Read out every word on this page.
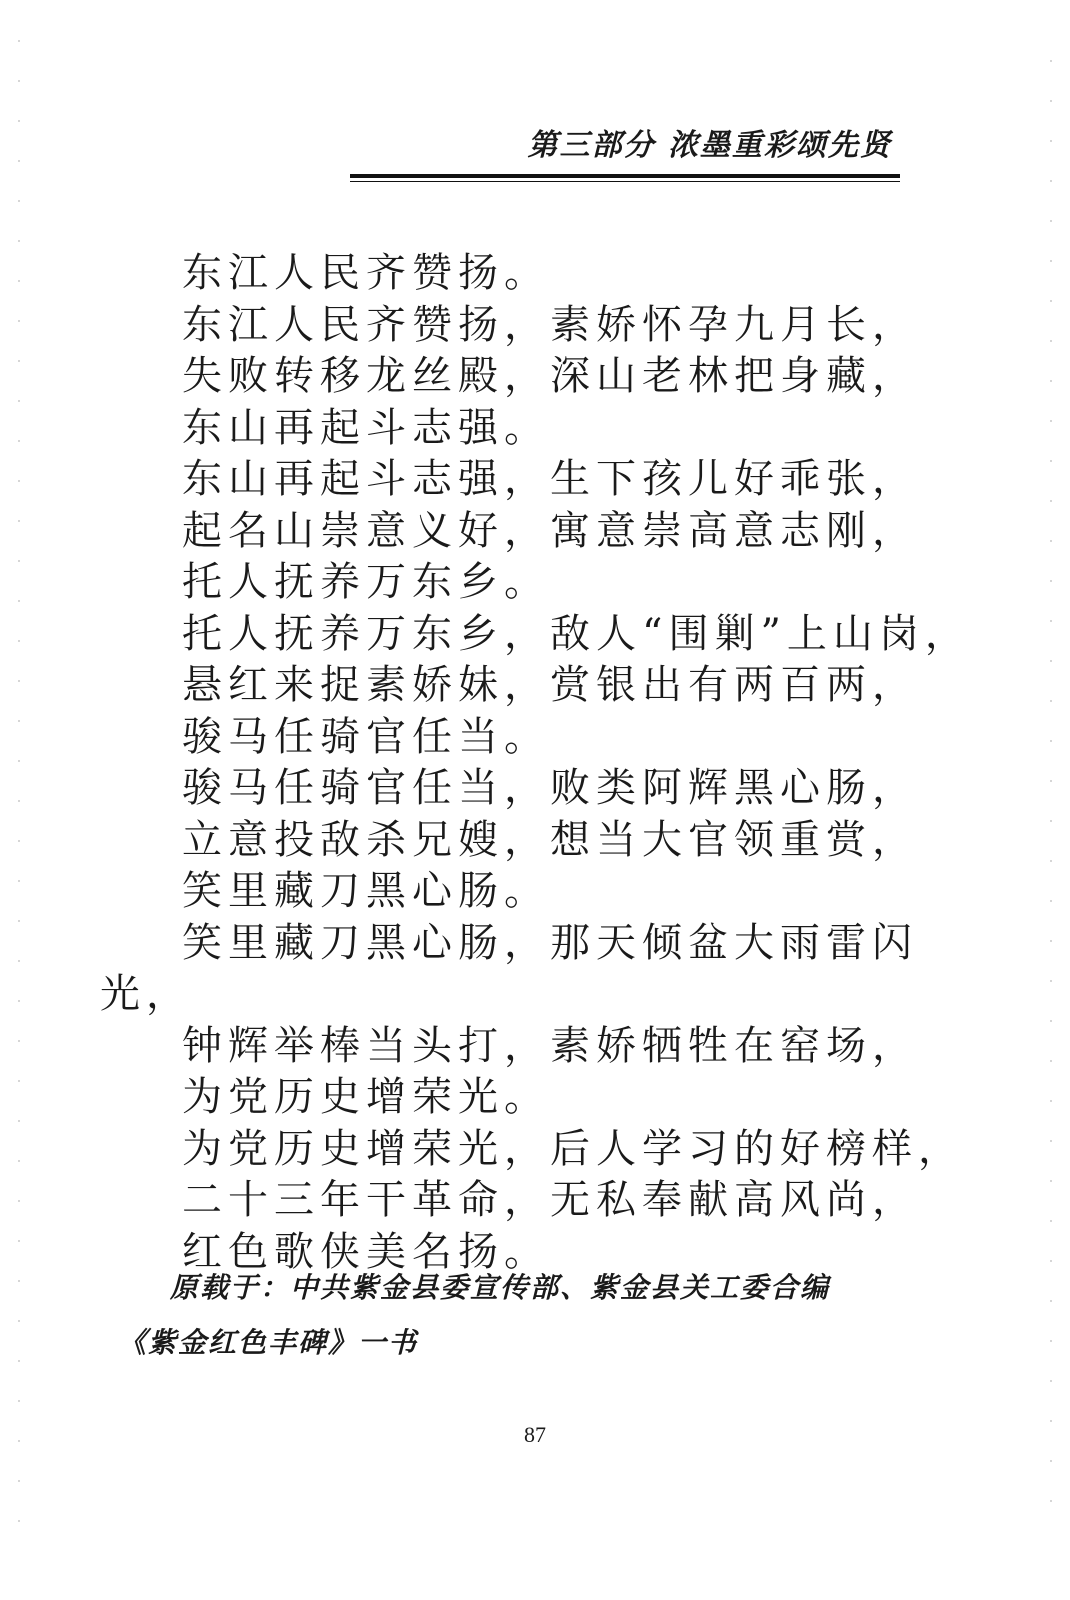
第三部分 浓墨重彩颂先贤
东江人民齐赞扬。
东江人民齐赞扬，素娇怀孕九月长，
失败转移龙丝殿，深山老林把身藏，
东山再起斗志强。
东山再起斗志强，生下孩儿好乖张，
起名山崇意义好，寓意崇高意志刚，
托人抚养万东乡。
托人抚养万东乡，敌人“围剿”上山岗，
悬红来捉素娇妹，赏银出有两百两，
骏马任骑官任当。
骏马任骑官任当，败类阿辉黑心肠，
立意投敌杀兄嫂，想当大官领重赏，
笑里藏刀黑心肠。
笑里藏刀黑心肠，那天倾盆大雨雷闪
光，
钟辉举棒当头打，素娇牺牲在窑场，
为党历史增荣光。
为党历史增荣光，后人学习的好榜样，
二十三年干革命，无私奉献高风尚，
红色歌侠美名扬。
原载于：中共紫金县委宣传部、紫金县关工委合编
《紫金红色丰碑》一书
87
